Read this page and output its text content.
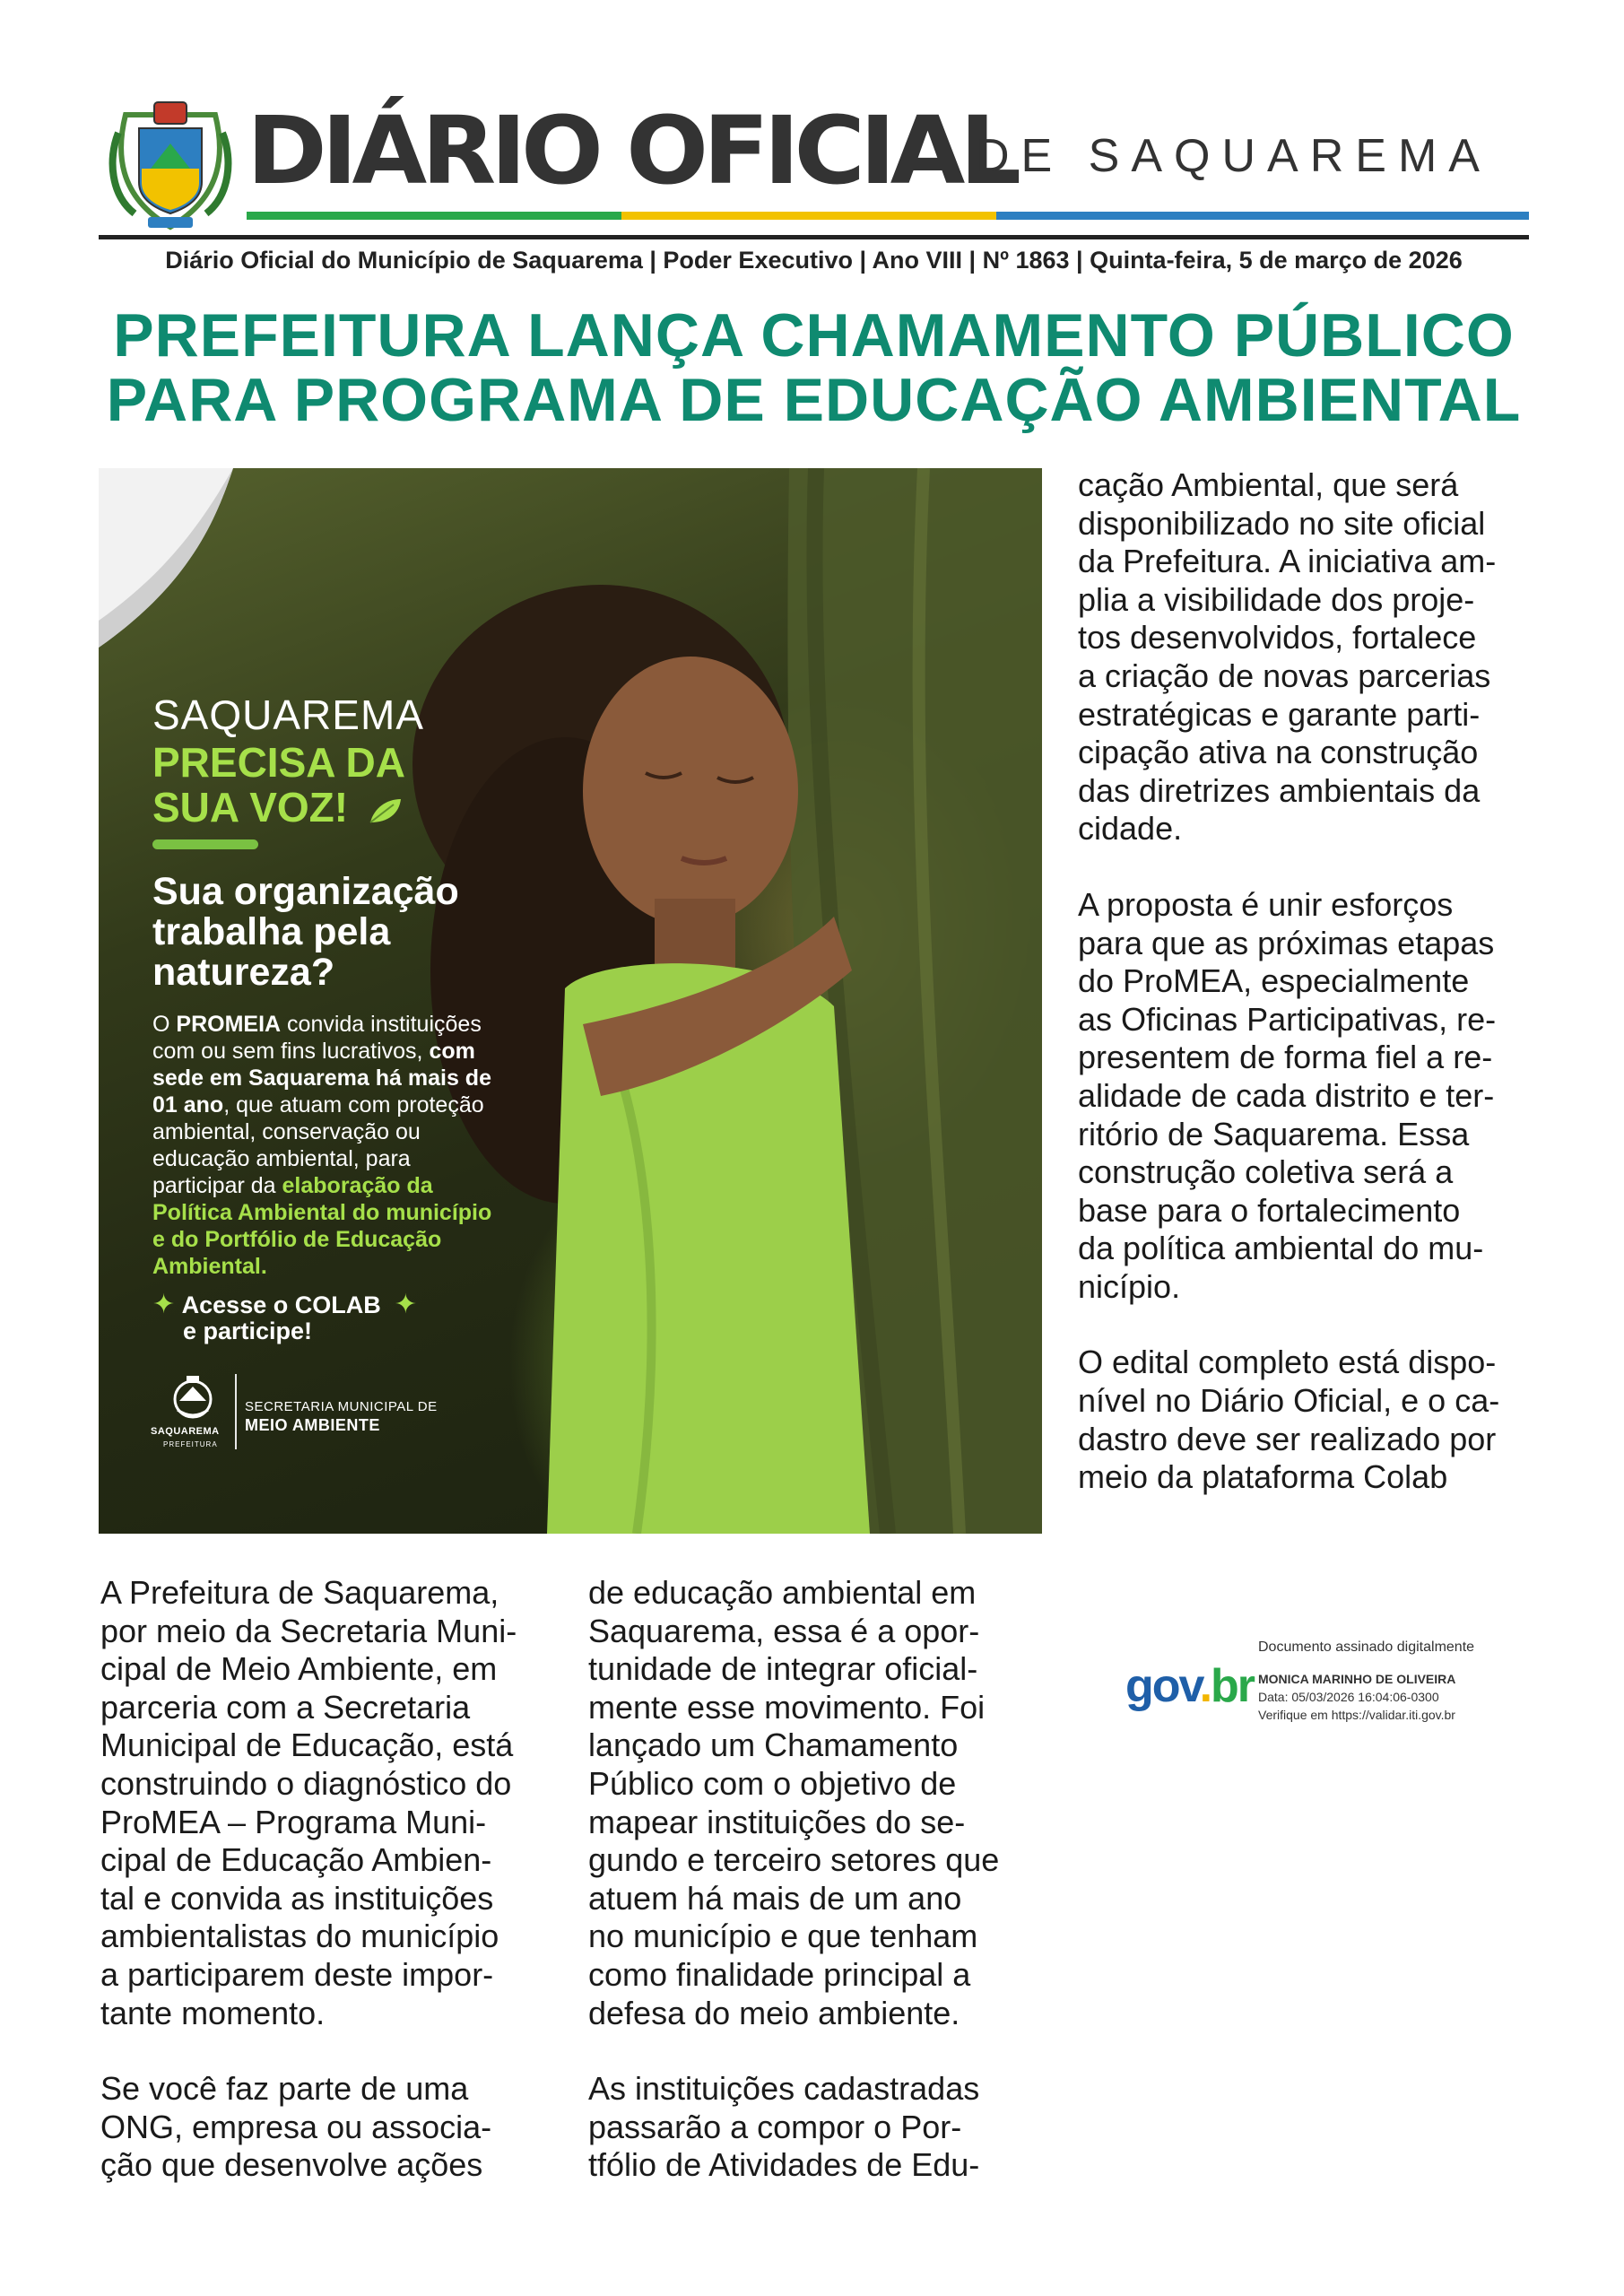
DIÁRIO OFICIAL
DE SAQUAREMA
Diário Oficial do Município de Saquarema | Poder Executivo | Ano VIII | Nº 1863 | Quinta-feira, 5 de março de 2026
PREFEITURA LANÇA CHAMAMENTO PÚBLICO
PARA PROGRAMA DE EDUCAÇÃO AMBIENTAL
SAQUAREMA
PRECISA DA
SUA VOZ!
Sua organização
trabalha pela
natureza?
O PROMEIA convida instituições
com ou sem fins lucrativos, com
sede em Saquarema há mais de
01 ano, que atuam com proteção
ambiental, conservação ou
educação ambiental, para
participar da elaboração da
Política Ambiental do município
e do Portfólio de Educação
Ambiental.
✦ Acesse o COLAB ✦
e participe!
SAQUAREMA
PREFEITURA
SECRETARIA MUNICIPAL DE
MEIO AMBIENTE

cação Ambiental, que será
disponibilizado no site oficial
da Prefeitura. A iniciativa am-
plia a visibilidade dos proje-
tos desenvolvidos, fortalece
a criação de novas parcerias
estratégicas e garante parti-
cipação ativa na construção
das diretrizes ambientais da
cidade.

A proposta é unir esforços
para que as próximas etapas
do ProMEA, especialmente
as Oficinas Participativas, re-
presentem de forma fiel a re-
alidade de cada distrito e ter-
ritório de Saquarema. Essa
construção coletiva será a
base para o fortalecimento
da política ambiental do mu-
nicípio.

O edital completo está dispo-
nível no Diário Oficial, e o ca-
dastro deve ser realizado por
meio da plataforma Colab

A Prefeitura de Saquarema,
por meio da Secretaria Muni-
cipal de Meio Ambiente, em
parceria com a Secretaria
Municipal de Educação, está
construindo o diagnóstico do
ProMEA – Programa Muni-
cipal de Educação Ambien-
tal e convida as instituições
ambientalistas do município
a participarem deste impor-
tante momento.

Se você faz parte de uma
ONG, empresa ou associa-
ção que desenvolve ações

de educação ambiental em
Saquarema, essa é a opor-
tunidade de integrar oficial-
mente esse movimento. Foi
lançado um Chamamento
Público com o objetivo de
mapear instituições do se-
gundo e terceiro setores que
atuem há mais de um ano
no município e que tenham
como finalidade principal a
defesa do meio ambiente.

As instituições cadastradas
passarão a compor o Por-
tfólio de Atividades de Edu-

gov.br
Documento assinado digitalmente
MONICA MARINHO DE OLIVEIRA
Data: 05/03/2026 16:04:06-0300
Verifique em https://validar.iti.gov.br
